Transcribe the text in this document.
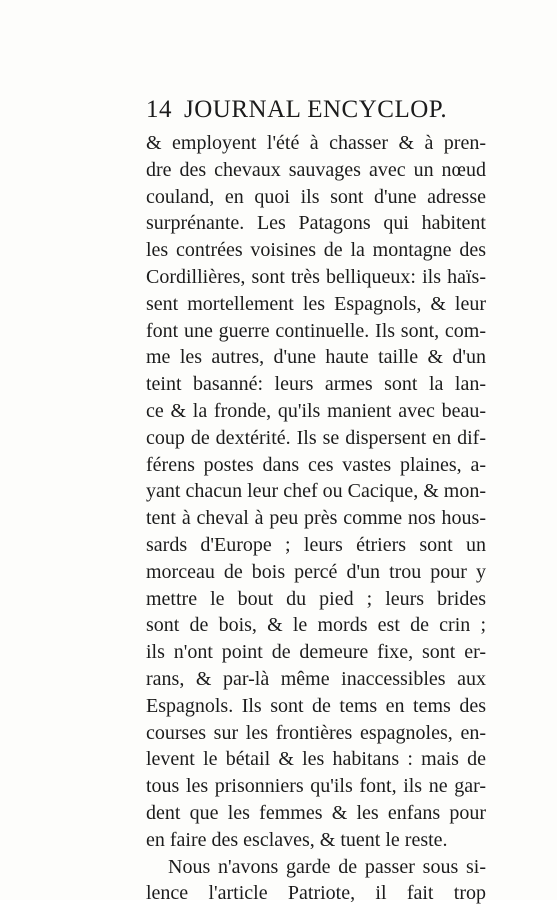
14 JOURNAL ENCYCLOP.
& employent l'été à chasser & à pren-
dre des chevaux sauvages avec un nœud
couland, en quoi ils sont d'une adresse
surprénante. Les Patagons qui habitent
les contrées voisines de la montagne des
Cordillières, sont très belliqueux: ils haïs-
sent mortellement les Espagnols, & leur
font une guerre continuelle. Ils sont, com-
me les autres, d'une haute taille & d'un
teint basanné: leurs armes sont la lan-
ce & la fronde, qu'ils manient avec beau-
coup de dextérité. Ils se dispersent en dif-
férens postes dans ces vastes plaines, a-
yant chacun leur chef ou Cacique, & mon-
tent à cheval à peu près comme nos hous-
sards d'Europe ; leurs étriers sont un
morceau de bois percé d'un trou pour y
mettre le bout du pied ; leurs brides
sont de bois, & le mords est de crin ;
ils n'ont point de demeure fixe, sont er-
rans, & par-là même inaccessibles aux
Espagnols. Ils sont de tems en tems des
courses sur les frontières espagnoles, en-
levent le bétail & les habitans : mais de
tous les prisonniers qu'ils font, ils ne gar-
dent que les femmes & les enfans pour
en faire des esclaves, & tuent le reste.
Nous n'avons garde de passer sous si-
lence l'article Patriote, il fait trop
